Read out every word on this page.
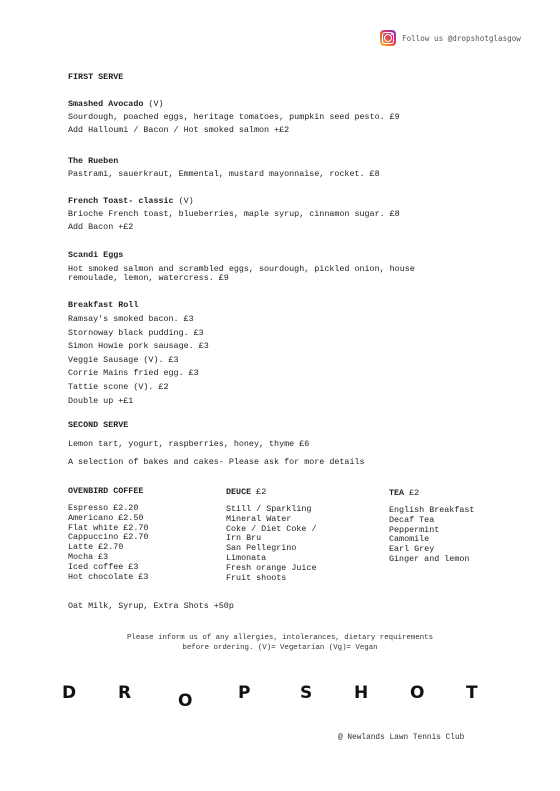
Follow us @dropshotglasgow
FIRST SERVE
Smashed Avocado (V)
Sourdough, poached eggs, heritage tomatoes, pumpkin seed pesto. £9
Add Halloumi / Bacon / Hot smoked salmon +£2
The Rueben
Pastrami, sauerkraut, Emmental, mustard mayonnaise, rocket. £8
French Toast- classic (V)
Brioche French toast, blueberries, maple syrup, cinnamon sugar. £8
Add Bacon +£2
Scandi Eggs
Hot smoked salmon and scrambled eggs, sourdough, pickled onion, house
remoulade, lemon, watercress. £9
Breakfast Roll
Ramsay's smoked bacon. £3
Stornoway black pudding. £3
Simon Howie pork sausage. £3
Veggie Sausage (V). £3
Corrie Mains fried egg. £3
Tattie scone (V). £2
Double up +£1
SECOND SERVE
Lemon tart, yogurt, raspberries, honey, thyme £6
A selection of bakes and cakes- Please ask for more details
OVENBIRD COFFEE
Espresso £2.20
Americano £2.50
Flat white £2.70
Cappuccino £2.70
Latte £2.70
Mocha £3
Iced coffee £3
Hot chocolate £3
DEUCE £2
Still / Sparkling
Mineral Water
Coke / Diet Coke /
Irn Bru
San Pellegrino
Limonata
Fresh orange Juice
Fruit shoots
TEA £2
English Breakfast
Decaf Tea
Peppermint
Camomile
Earl Grey
Ginger and lemon
Oat Milk, Syrup, Extra Shots +50p
Please inform us of any allergies, intolerances, dietary requirements before ordering. (V)= Vegetarian (Vg)= Vegan
D R	O	P	S H O T
@ Newlands Lawn Tennis Club
